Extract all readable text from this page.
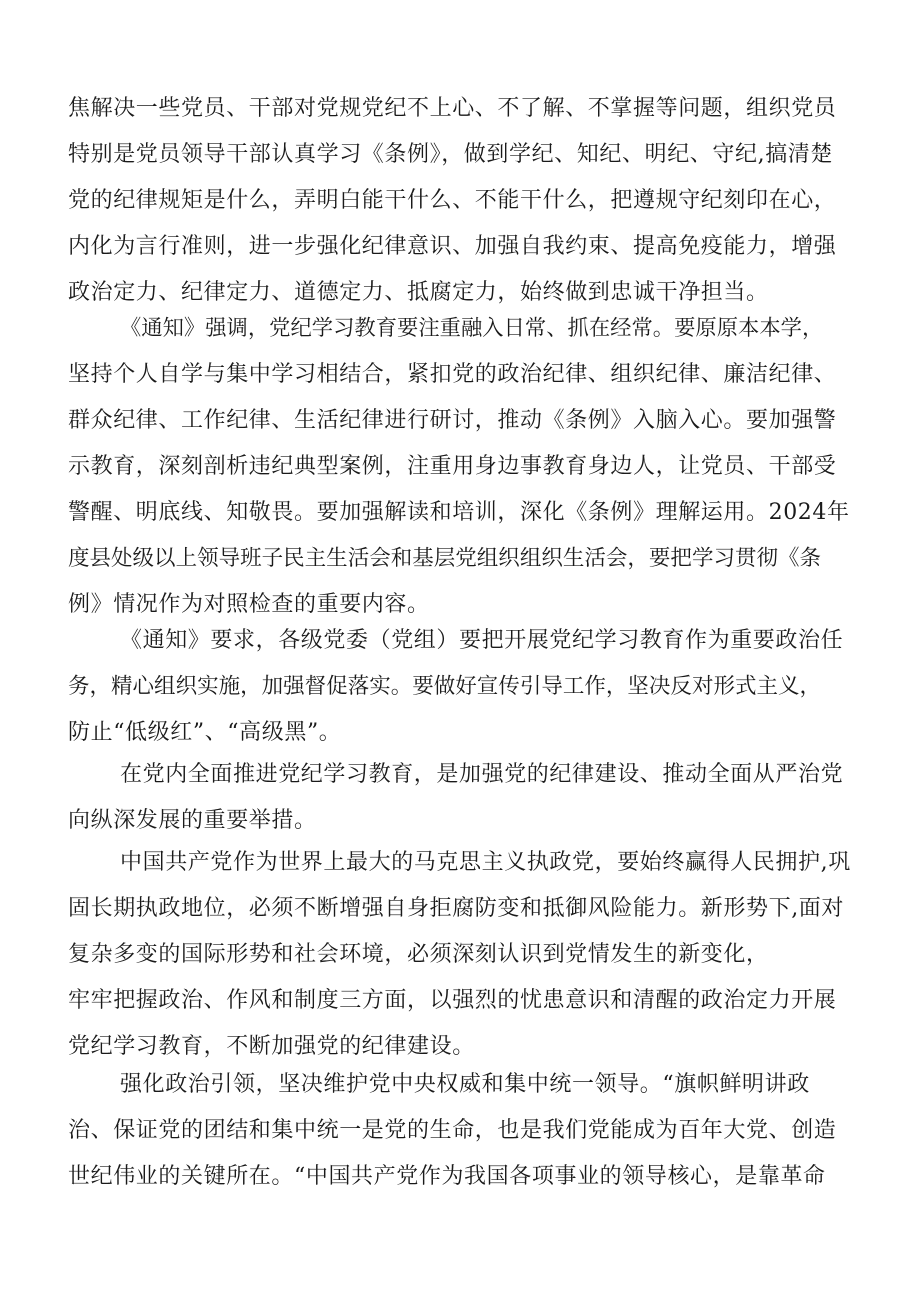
焦解决一些党员、干部对党规党纪不上心、不了解、不掌握等问题，组织党员
特别是党员领导干部认真学习《条例》，做到学纪、知纪、明纪、守纪,搞清楚
党的纪律规矩是什么，弄明白能干什么、不能干什么，把遵规守纪刻印在心，
内化为言行准则，进一步强化纪律意识、加强自我约束、提高免疫能力，增强
政治定力、纪律定力、道德定力、抵腐定力，始终做到忠诚干净担当。
《通知》强调，党纪学习教育要注重融入日常、抓在经常。要原原本本学，
坚持个人自学与集中学习相结合，紧扣党的政治纪律、组织纪律、廉洁纪律、
群众纪律、工作纪律、生活纪律进行研讨，推动《条例》入脑入心。要加强警
示教育，深刻剖析违纪典型案例，注重用身边事教育身边人，让党员、干部受
警醒、明底线、知敬畏。要加强解读和培训，深化《条例》理解运用。2024年
度县处级以上领导班子民主生活会和基层党组织组织生活会，要把学习贯彻《条
例》情况作为对照检查的重要内容。
《通知》要求，各级党委（党组）要把开展党纪学习教育作为重要政治任
务，精心组织实施，加强督促落实。要做好宣传引导工作，坚决反对形式主义，
防止“低级红”、“高级黑”。
在党内全面推进党纪学习教育，是加强党的纪律建设、推动全面从严治党
向纵深发展的重要举措。
中国共产党作为世界上最大的马克思主义执政党，要始终赢得人民拥护,巩
固长期执政地位，必须不断增强自身拒腐防变和抵御风险能力。新形势下,面对
复杂多变的国际形势和社会环境，必须深刻认识到党情发生的新变化，
牢牢把握政治、作风和制度三方面，以强烈的忧患意识和清醒的政治定力开展
党纪学习教育，不断加强党的纪律建设。
强化政治引领，坚决维护党中央权威和集中统一领导。“旗帜鲜明讲政
治、保证党的团结和集中统一是党的生命，也是我们党能成为百年大党、创造
世纪伟业的关键所在。“中国共产党作为我国各项事业的领导核心，是靠革命
